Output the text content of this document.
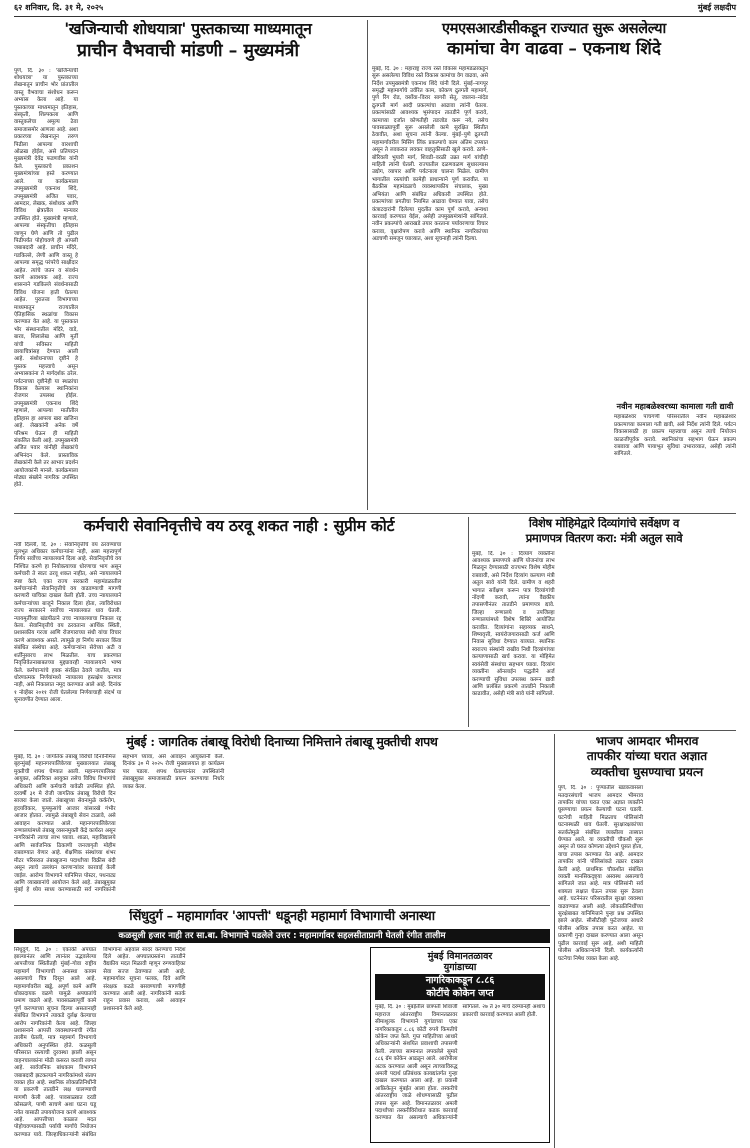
६२ शनिवार, दि. ३१ मे, २०२५	मुंबई लक्षदीप
'खजिन्याची शोधयात्रा' पुस्तकाच्या माध्यमातून
प्राचीन वैभवाची मांडणी – मुख्यमंत्री
पुणे, दि. ३० : 'खजिन्याची शोधयात्रा' या पुस्तकाच्या लेखनातून प्राचीन भोर प्रांतातील वास्तू वैभवाचा संशोधन करून अभ्यास केला आहे. या पुस्तकाच्या माध्यमातून इतिहास, संस्कृती, शिल्पकला आणि वास्तुकलेचा अमूल्य ठेवा समाजासमोर आणला आहे. अशा प्रकारच्या लेखनातून तरुण पिढीला आपल्या वारशाची ओळख होईल, असे प्रतिपादन मुख्यमंत्री देवेंद्र फडणवीस यांनी केले. पुस्तकाचे प्रकाशन मुख्यमंत्र्यांच्या हस्ते करण्यात आले. या कार्यक्रमाला उपमुख्यमंत्री एकनाथ शिंदे, उपमुख्यमंत्री अजित पवार, आमदार, लेखक, संशोधक आणि विविध क्षेत्रातील मान्यवर उपस्थित होते. मुख्यमंत्री म्हणाले, आपल्या संस्कृतीचा इतिहास जाणून घेणे आणि तो पुढील पिढीपर्यंत पोहोचवणे ही आपली जबाबदारी आहे. प्राचीन मंदिरे, गडकिल्ले, लेणी आणि वास्तू हे आपल्या समृद्ध परंपरेचे साक्षीदार आहेत. त्यांचे जतन व संवर्धन करणे आवश्यक आहे. राज्य शासनाने गडकिल्ले संवर्धनासाठी विविध योजना हाती घेतल्या आहेत. पुरातत्त्व विभागाच्या माध्यमातून राज्यातील ऐतिहासिक स्थळांचा विकास करण्यात येत आहे. या पुस्तकात भोर संस्थानातील मंदिरे, वाडे, बारव, शिलालेख आणि मूर्ती यांची सविस्तर माहिती छायाचित्रांसह देण्यात आली आहे. संशोधनाच्या दृष्टीने हे पुस्तक महत्त्वाचे असून अभ्यासकांना ते मार्गदर्शक ठरेल. पर्यटनाच्या दृष्टीनेही या स्थळांचा विकास केल्यास स्थानिकांना रोजगार उपलब्ध होईल. उपमुख्यमंत्री एकनाथ शिंदे म्हणाले, आपल्या मातीतील इतिहास हा आपला खरा खजिना आहे. लेखकांनी अनेक वर्षे परिश्रम घेऊन ही माहिती संकलित केली आहे. उपमुख्यमंत्री अजित पवार यांनीही लेखकांचे अभिनंदन केले. प्रास्ताविक लेखकांनी केले तर आभार प्रदर्शन आयोजकांनी मानले. कार्यक्रमाला मोठ्या संख्येने नागरिक उपस्थित होते.
एमएसआरडीसीकडून राज्यात सुरू असलेल्या
कामांचा वेग वाढवा – एकनाथ शिंदे
मुंबई, दि. ३० : महाराष्ट्र राज्य रस्ते विकास महामंडळाकडून सुरू असलेल्या विविध रस्ते विकास कामांचा वेग वाढवा, असे निर्देश उपमुख्यमंत्री एकनाथ शिंदे यांनी दिले. मुंबई–नागपूर समृद्धी महामार्गाचे उर्वरित काम, कोकण द्रुतगती महामार्ग, पुणे रिंग रोड, वर्सोवा–विरार सागरी सेतू, जालना–नांदेड द्रुतगती मार्ग आदी प्रकल्पांचा आढावा त्यांनी घेतला. प्रकल्पांसाठी आवश्यक भूसंपादन तातडीने पूर्ण करावे, कामाच्या दर्जात कोणतीही तडजोड करू नये, तसेच पावसाळ्यापूर्वी सुरू असलेली कामे सुरक्षित स्थितीत ठेवावीत, अशा सूचना त्यांनी केल्या. मुंबई–पुणे द्रुतगती महामार्गावरील मिसिंग लिंक प्रकल्पाचे काम अंतिम टप्प्यात असून ते लवकरात लवकर वाहतुकीसाठी खुले करावे. ठाणे–बोरिवली भुयारी मार्ग, शिवडी–वरळी उन्नत मार्ग यांचीही माहिती त्यांनी घेतली. राज्यातील दळणवळण सुधारल्यास उद्योग, व्यापार आणि पर्यटनाला चालना मिळेल. ग्रामीण भागातील रस्त्यांची कामेही प्राधान्याने पूर्ण करावीत. या बैठकीस महामंडळाचे व्यवस्थापकीय संचालक, मुख्य अभियंता आणि संबंधित अधिकारी उपस्थित होते. प्रकल्पांच्या प्रगतीचा नियमित आढावा घेण्यात यावा, तसेच कंत्राटदारांनी दिलेल्या मुदतीत काम पूर्ण करावे, अन्यथा कारवाई करण्यात येईल, असेही उपमुख्यमंत्र्यांनी सांगितले. नवीन प्रकल्पांचे आराखडे तयार करताना पर्यावरणाचा विचार करावा, वृक्षारोपण करावे आणि स्थानिक नागरिकांच्या अडचणी समजून घ्याव्यात, अशा सूचनाही त्यांनी दिल्या.
नवीन महाबळेश्वरच्या कामाला गती द्यावी
महाबळेश्वर पाचगणी परिसरातील नवीन महाबळेश्वर प्रकल्पाच्या कामाला गती द्यावी, असे निर्देश त्यांनी दिले. पर्यटन विकासासाठी हा प्रकल्प महत्त्वाचा असून त्याचे नियोजन काळजीपूर्वक करावे. स्थानिकांचा सहभाग घेऊन प्रकल्प राबवावा आणि पायाभूत सुविधा उभाराव्यात, असेही त्यांनी सांगितले.
कर्मचारी सेवानिवृत्तीचे वय ठरवू शकत नाही : सुप्रीम कोर्ट
नवी दिल्ली, दि. ३० : सेवानिवृत्तीचे वय ठरवण्याचा मूलभूत अधिकार कर्मचाऱ्यांना नाही, असा महत्त्वपूर्ण निर्णय सर्वोच्च न्यायालयाने दिला आहे. सेवानिवृत्तीचे वय निश्चित करणे हा नियोक्त्याच्या धोरणाचा भाग असून कर्मचारी ते स्वतः ठरवू शकत नाहीत, असे न्यायालयाने स्पष्ट केले. एका राज्य सरकारी महामंडळातील कर्मचाऱ्यांनी सेवानिवृत्तीचे वय वाढवण्याची मागणी करणारी याचिका दाखल केली होती. उच्च न्यायालयाने कर्मचाऱ्यांच्या बाजूने निकाल दिला होता, त्याविरोधात राज्य सरकारने सर्वोच्च न्यायालयात धाव घेतली. न्यायमूर्तींच्या खंडपीठाने उच्च न्यायालयाचा निकाल रद्द केला. सेवानिवृत्तीचे वय ठरवताना आर्थिक स्थिती, प्रशासकीय गरजा आणि रोजगाराच्या संधी यांचा विचार करणे आवश्यक असते. त्यामुळे हा निर्णय सरकार किंवा संबंधित संस्थेचा आहे. कर्मचाऱ्यांना सेवेच्या अटी व शर्तींनुसारच लाभ मिळतील. याच प्रकरणात निवृत्तिवेतनाबाबतच्या मुद्द्यावरही न्यायालयाने भाष्य केले. कर्मचाऱ्यांचे हक्क संरक्षित ठेवले जातील, मात्र धोरणात्मक निर्णयांमध्ये न्यायालय हस्तक्षेप करणार नाही, असे निकालात नमूद करण्यात आले आहे. दिनांक १ नोव्हेंबर २०११ रोजी घेतलेल्या निर्णयाचाही संदर्भ या सुनावणीत देण्यात आला.
विशेष मोहिमेद्वारे दिव्यांगांचे सर्वेक्षण व
प्रमाणपत्र वितरण करा: मंत्री अतुल सावे
मुंबई, दि. ३० : दिव्यांग व्यक्तींना आवश्यक प्रमाणपत्रे आणि योजनांचा लाभ मिळवून देण्यासाठी राज्यभर विशेष मोहीम राबवावी, असे निर्देश दिव्यांग कल्याण मंत्री अतुल सावे यांनी दिले. ग्रामीण व शहरी भागात सर्वेक्षण करून पात्र दिव्यांगांची नोंदणी करावी, त्यांना वैद्यकीय तपासणीनंतर तातडीने प्रमाणपत्र द्यावे. जिल्हा रुग्णालये व उपजिल्हा रुग्णालयांमध्ये विशेष शिबिरे आयोजित करावीत. दिव्यांगांना सहाय्यक साधने, शिष्यवृत्ती, स्वयंरोजगारासाठी कर्ज आणि निवास सुविधा देण्यात याव्यात. स्थानिक स्वराज्य संस्थांनी राखीव निधी दिव्यांगांच्या कल्याणासाठी खर्च करावा. या मोहिमेत स्वयंसेवी संस्थांचा सहभाग घ्यावा. दिव्यांग व्यक्तींना ऑनलाईन पद्धतीने अर्ज करण्याची सुविधा उपलब्ध करून द्यावी आणि प्रलंबित प्रकरणे तातडीने निकाली काढावीत, असेही मंत्री सावे यांनी सांगितले.
मुंबई : जागतिक तंबाखू विरोधी दिनाच्या निमित्ताने तंबाखू मुक्तीची शपथ
मुंबई, दि. ३० : जागतिक तंबाखू विरोधी दिनानिमित्त बृहन्मुंबई महानगरपालिकेच्या मुख्यालयात तंबाखू मुक्तीची शपथ घेण्यात आली. महानगरपालिका आयुक्त, अतिरिक्त आयुक्त तसेच विविध विभागांचे अधिकारी आणि कर्मचारी यावेळी उपस्थित होते. दरवर्षी ३१ मे रोजी जागतिक तंबाखू विरोधी दिन साजरा केला जातो. तंबाखूच्या सेवनामुळे कर्करोग, हृदयविकार, फुफ्फुसांचे आजार यांसारखे गंभीर आजार होतात. त्यामुळे तंबाखूचे सेवन टाळावे, असे आवाहन करण्यात आले. महानगरपालिकेच्या रुग्णालयांमध्ये तंबाखू व्यसनमुक्ती केंद्रे कार्यरत असून नागरिकांनी त्याचा लाभ घ्यावा. शाळा, महाविद्यालये आणि सार्वजनिक ठिकाणी जनजागृती मोहीम राबवण्यात येणार आहे. शैक्षणिक संस्थांच्या शंभर मीटर परिसरात तंबाखूजन्य पदार्थांच्या विक्रीस बंदी असून त्याचे उल्लंघन करणाऱ्यांवर कारवाई केली जाईल. आरोग्य विभागाने यानिमित्त पोस्टर, पथनाट्य आणि व्याख्यानांचे आयोजन केले आहे. तंबाखूमुक्त मुंबई हे ध्येय साध्य करण्यासाठी सर्व नागरिकांनी सहभाग घ्यावा, असे आवाहन आयुक्तांनी केले. दिनांक ३० मे २०२५ रोजी मुख्यालयात हा कार्यक्रम पार पडला. शपथ घेतल्यानंतर उपस्थितांनी तंबाखूमुक्त समाजासाठी प्रयत्न करण्याचा निर्धार व्यक्त केला.
भाजप आमदार भीमराव
तापकीर यांच्या घरात अज्ञात
व्यक्तीचा घुसण्याचा प्रयत्न
पुणे, दि. ३० : पुण्यातील खडकवासला मतदारसंघाचे भाजप आमदार भीमराव तापकीर यांच्या घरात एका अज्ञात व्यक्तीने घुसण्याचा प्रयत्न केल्याची घटना घडली. घटनेची माहिती मिळताच पोलिसांनी घटनास्थळी धाव घेतली. सुरक्षारक्षकांच्या सतर्कतेमुळे संबंधित व्यक्तीला ताब्यात घेण्यात आले. या व्यक्तीची चौकशी सुरू असून तो घरात कोणत्या उद्देशाने घुसत होता, याचा तपास करण्यात येत आहे. आमदार तापकीर यांनी पोलिसांकडे तक्रार दाखल केली आहे. प्राथमिक चौकशीत संबंधित व्यक्ती मानसिकदृष्ट्या अस्वस्थ असल्याचे सांगितले जात आहे. मात्र पोलिसांनी सर्व शक्यता लक्षात घेऊन तपास सुरू ठेवला आहे. घटनेनंतर परिसरातील सुरक्षा व्यवस्था वाढवण्यात आली आहे. लोकप्रतिनिधींच्या सुरक्षेबाबत यानिमित्ताने पुन्हा प्रश्न उपस्थित झाले आहेत. सीसीटीव्ही फुटेजच्या आधारे पोलीस अधिक तपास करत आहेत. या प्रकरणी गुन्हा दाखल करण्यात आला असून पुढील कारवाई सुरू आहे, अशी माहिती पोलीस अधिकाऱ्यांनी दिली. कार्यकर्त्यांनी घटनेचा निषेध व्यक्त केला आहे.
सिंधुदुर्ग – महामार्गावर 'आपत्ती' धडूनही महामार्ग विभागाची अनास्था
कळसुली हजार नाही तर सा.बा. विभागाचे पडलेले उत्तर : महामार्गावर सहलसीताप्रानी घेतली रंगीत तालीम
सिंधुदुर्ग, दि. ३० : एकाकी अपघात झाल्यानंतर आणि त्यानंतर उद्भवलेल्या आपत्तीच्या स्थितीतही मुंबई–गोवा राष्ट्रीय महामार्ग विभागाची अनास्था कायम असल्याचे चित्र दिसून आले आहे. महामार्गावरील खड्डे, अपूर्ण कामे आणि धोकादायक वळणे यामुळे अपघातांचे प्रमाण वाढले आहे. पावसाळ्यापूर्वी कामे पूर्ण करण्याच्या सूचना दिल्या असतानाही संबंधित विभागाने त्याकडे दुर्लक्ष केल्याचा आरोप नागरिकांनी केला आहे. जिल्हा प्रशासनाने आपत्ती व्यवस्थापनाची रंगीत तालीम घेतली, मात्र महामार्ग विभागाचे अधिकारी अनुपस्थित होते. कळसुली परिसरात रस्त्याची दुरवस्था झाली असून वाहनचालकांना मोठी कसरत करावी लागत आहे. सार्वजनिक बांधकाम विभागाने जबाबदारी झटकल्याने नागरिकांमध्ये संताप व्यक्त होत आहे. स्थानिक लोकप्रतिनिधींनी या प्रकरणी तातडीने लक्ष घालण्याची मागणी केली आहे. पावसाळ्यात दरडी कोसळणे, पाणी साचणे अशा घटना घडू नयेत यासाठी उपाययोजना करणे आवश्यक आहे. आपत्तीच्या काळात मदत पोहोचवण्यासाठी पर्यायी मार्गांचे नियोजन करण्यात यावे. जिल्हाधिकाऱ्यांनी संबंधित विभागांना अहवाल सादर करण्याचे निर्देश दिले आहेत. अपघातग्रस्तांना तातडीने वैद्यकीय मदत मिळावी म्हणून रुग्णवाहिका सेवा सज्ज ठेवण्यात आली आहे. महामार्गावर सूचना फलक, दिवे आणि संरक्षक कठडे बसवण्याची मागणीही करण्यात आली आहे. नागरिकांनी सतर्क राहून प्रवास करावा, असे आवाहन प्रशासनाने केले आहे.
मुंबई विमानतळावर
युगांडाच्या
नागरिकाकडून ८.८६
कोटींचे कोकेन जप्त
मुंबई, दि. ३० : मुंबईतील छत्रपती शिवाजी महाराज आंतरराष्ट्रीय विमानतळावर सीमाशुल्क विभागाने युगांडाच्या एका नागरिकाकडून ८.८६ कोटी रुपये किमतीचे कोकेन जप्त केले. गुप्त माहितीच्या आधारे अधिकाऱ्यांनी संशयित प्रवाशाची तपासणी केली. त्याच्या सामानात लपवलेले सुमारे ८८६ ग्रॅम कोकेन आढळून आले. आरोपीला अटक करण्यात आली असून त्याच्याविरुद्ध अमली पदार्थ प्रतिबंधक कायद्यांतर्गत गुन्हा दाखल करण्यात आला आहे. हा प्रवासी आफ्रिकेतून मुंबईत आला होता. तस्करीचे आंतरराष्ट्रीय जाळे शोधण्यासाठी पुढील तपास सुरू आहे. विमानतळावर अमली पदार्थांच्या तस्करीविरोधात कडक कारवाई करण्यात येत असल्याचे अधिकाऱ्यांनी सांगितले. २७ ते ३० मार्च दरम्यानही अशाच प्रकारची कारवाई करण्यात आली होती.
